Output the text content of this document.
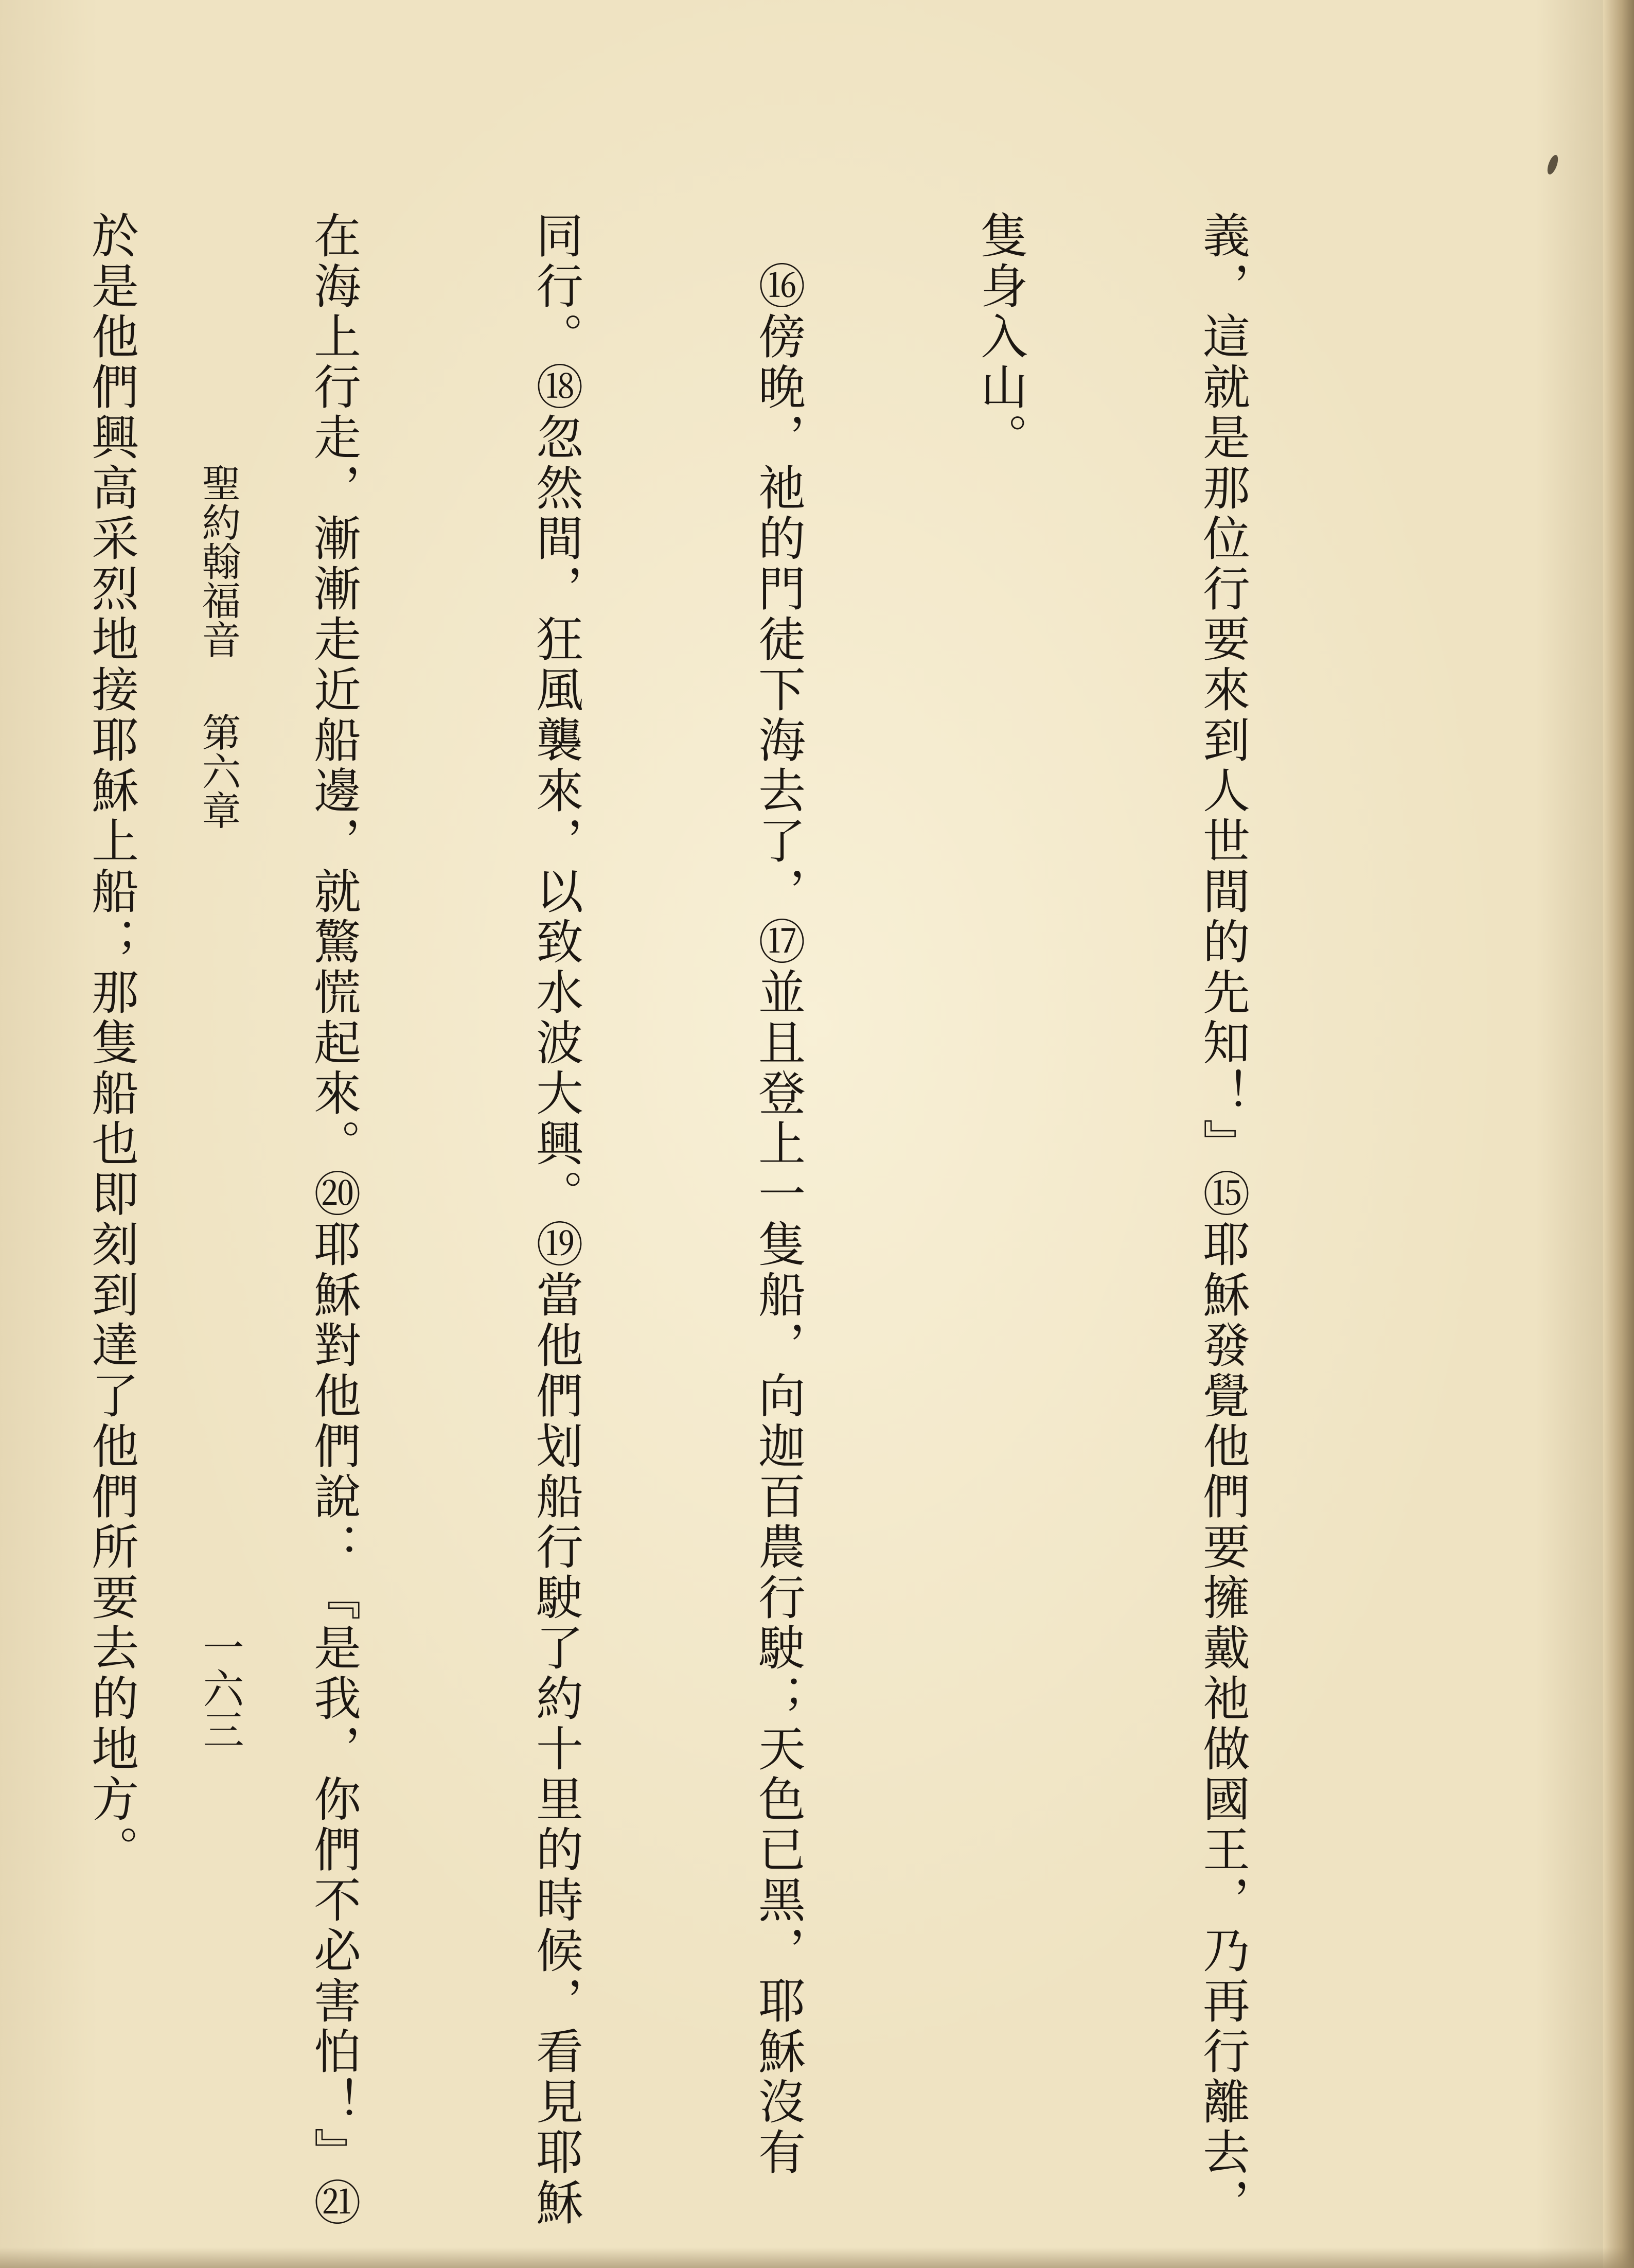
義，這就是那位行要來到人世間的先知！』⑮耶穌發覺他們要擁戴祂做國王，乃再行離去，

隻身入山。

　⑯傍晚，祂的門徒下海去了，⑰並且登上一隻船，向迦百農行駛；天色已黑，耶穌沒有

同行。⑱忽然間，狂風襲來，以致水波大興。⑲當他們划船行駛了約十里的時候，看見耶穌

在海上行走，漸漸走近船邊，就驚慌起來。⑳耶穌對他們說：『是我，你們不必害怕！』㉑

於是他們興高采烈地接耶穌上船；那隻船也即刻到達了他們所要去的地方。

聖約翰福音 第六章
一六三
